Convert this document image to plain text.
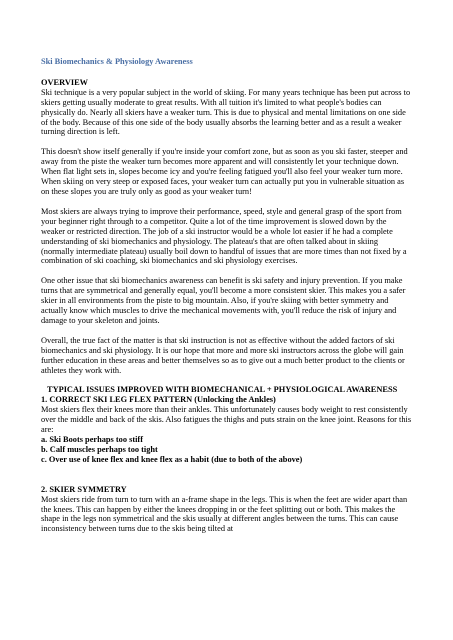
Ski Biomechanics & Physiology Awareness
OVERVIEW

Ski technique is a very popular subject in the world of skiing. For many years technique has been put across to skiers getting usually moderate to great results. With all tuition it's limited to what people's bodies can physically do. Nearly all skiers have a weaker turn. This is due to physical and mental limitations on one side of the body. Because of this one side of the body usually absorbs the learning better and as a result a weaker turning direction is left.

This doesn't show itself generally if you're inside your comfort zone, but as soon as you ski faster, steeper and away from the piste the weaker turn becomes more apparent and will consistently let your technique down. When flat light sets in, slopes become icy and you're feeling fatigued you'll also feel your weaker turn more. When skiing on very steep or exposed faces, your weaker turn can actually put you in vulnerable situation as on these slopes you are truly only as good as your weaker turn!

Most skiers are always trying to improve their performance, speed, style and general grasp of the sport from your beginner right through to a competitor. Quite a lot of the time improvement is slowed down by the weaker or restricted direction. The job of a ski instructor would be a whole lot easier if he had a complete understanding of ski biomechanics and physiology. The plateau's that are often talked about in skiing (normally intermediate plateau) usually boil down to handful of issues that are more times than not fixed by a combination of ski coaching, ski biomechanics and ski physiology exercises.

One other issue that ski biomechanics awareness can benefit is ski safety and injury prevention. If you make turns that are symmetrical and generally equal, you'll become a more consistent skier. This makes you a safer skier in all environments from the piste to big mountain. Also, if you're skiing with better symmetry and actually know which muscles to drive the mechanical movements with, you'll reduce the risk of injury and damage to your skeleton and joints.

Overall, the true fact of the matter is that ski instruction is not as effective without the added factors of ski biomechanics and ski physiology. It is our hope that more and more ski instructors across the globe will gain further education in these areas and better themselves so as to give out a much better product to the clients or athletes they work with.

TYPICAL ISSUES IMPROVED WITH BIOMECHANICAL + PHYSIOLOGICAL AWARENESS
1. CORRECT SKI LEG FLEX PATTERN (Unlocking the Ankles)
Most skiers flex their knees more than their ankles. This unfortunately causes body weight to rest consistently over the middle and back of the skis. Also fatigues the thighs and puts strain on the knee joint. Reasons for this are:
a. Ski Boots perhaps too stiff
b. Calf muscles perhaps too tight
c. Over use of knee flex and knee flex as a habit (due to both of the above)
2. SKIER SYMMETRY
Most skiers ride from turn to turn with an a-frame shape in the legs. This is when the feet are wider apart than the knees. This can happen by either the knees dropping in or the feet splitting out or both. This makes the shape in the legs non symmetrical and the skis usually at different angles between the turns. This can cause inconsistency between turns due to the skis being tilted at
